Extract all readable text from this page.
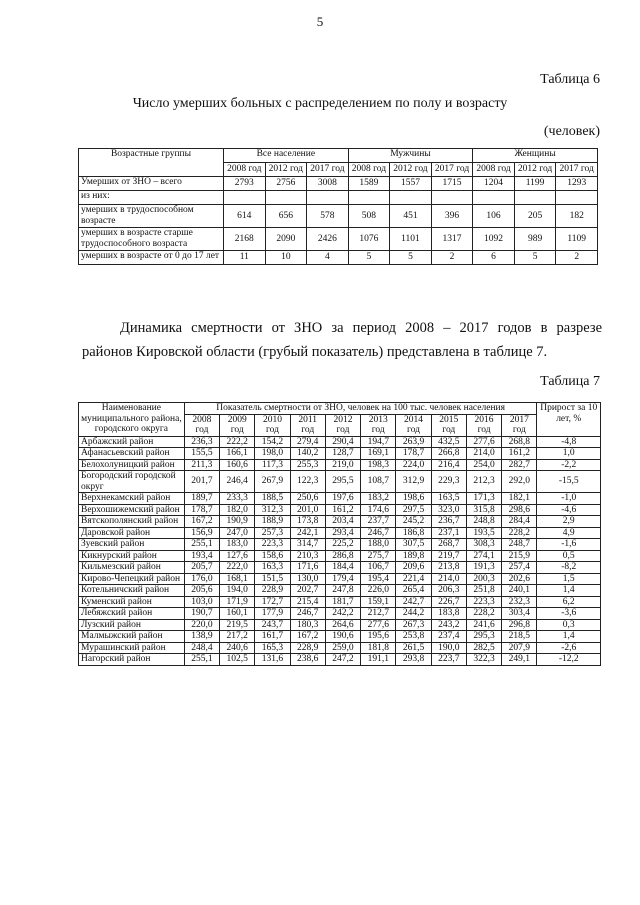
5
Таблица 6
Число умерших больных с распределением по полу и возрасту
(человек)
Возрастные группы	Все население			Мужчины			Женщины		
	2008 год	2012 год	2017 год	2008 год	2012 год	2017 год	2008 год	2012 год	2017 год
Умерших от ЗНО – всего	2793	2756	3008	1589	1557	1715	1204	1199	1293
из них:									
умерших в трудоспособном возрасте	614	656	578	508	451	396	106	205	182
умерших в возрасте старше трудоспособного возраста	2168	2090	2426	1076	1101	1317	1092	989	1109
умерших в возрасте от 0 до 17 лет	11	10	4	5	5	2	6	5	2
Динамика смертности от ЗНО за период 2008 – 2017 годов в разрезе
районов Кировской области (грубый показатель) представлена в таблице 7.
Таблица 7
Наименование муниципального района, городского округа	Показатель смертности от ЗНО, человек на 100 тыс. человек населения										Прирост за 10 лет, %
	2008 год	2009 год	2010 год	2011 год	2012 год	2013 год	2014 год	2015 год	2016 год	2017 год	
Арбажский район	236,3	222,2	154,2	279,4	290,4	194,7	263,9	432,5	277,6	268,8	-4,8
Афанасьевский район	155,5	166,1	198,0	140,2	128,7	169,1	178,7	266,8	214,0	161,2	1,0
Белохолуницкий район	211,3	160,6	117,3	255,3	219,0	198,3	224,0	216,4	254,0	282,7	-2,2
Богородский городской округ	201,7	246,4	267,9	122,3	295,5	108,7	312,9	229,3	212,3	292,0	-15,5
Верхнекамский район	189,7	233,3	188,5	250,6	197,6	183,2	198,6	163,5	171,3	182,1	-1,0
Верхошижемский район	178,7	182,0	312,3	201,0	161,2	174,6	297,5	323,0	315,8	298,6	-4,6
Вятскополянский район	167,2	190,9	188,9	173,8	203,4	237,7	245,2	236,7	248,8	284,4	2,9
Даровской район	156,9	247,0	257,3	242,1	293,4	246,7	186,8	237,1	193,5	228,2	4,9
Зуевский район	255,1	183,0	223,3	314,7	225,2	188,0	307,5	268,7	308,3	248,7	-1,6
Кикнурский район	193,4	127,6	158,6	210,3	286,8	275,7	189,8	219,7	274,1	215,9	0,5
Кильмезский район	205,7	222,0	163,3	171,6	184,4	106,7	209,6	213,8	191,3	257,4	-8,2
Кирово-Чепецкий район	176,0	168,1	151,5	130,0	179,4	195,4	221,4	214,0	200,3	202,6	1,5
Котельничский район	205,6	194,0	228,9	202,7	247,8	226,0	265,4	206,3	251,8	240,1	1,4
Куменский район	103,0	171,9	172,7	215,4	181,7	159,1	242,7	226,7	223,3	232,3	6,2
Лебяжский район	190,7	160,1	177,9	246,7	242,2	212,7	244,2	183,8	228,2	303,4	-3,6
Лузский район	220,0	219,5	243,7	180,3	264,6	277,6	267,3	243,2	241,6	296,8	0,3
Малмыжский район	138,9	217,2	161,7	167,2	190,6	195,6	253,8	237,4	295,3	218,5	1,4
Мурашинский район	248,4	240,6	165,3	228,9	259,0	181,8	261,5	190,0	282,5	207,9	-2,6
Нагорский район	255,1	102,5	131,6	238,6	247,2	191,1	293,8	223,7	322,3	249,1	-12,2
